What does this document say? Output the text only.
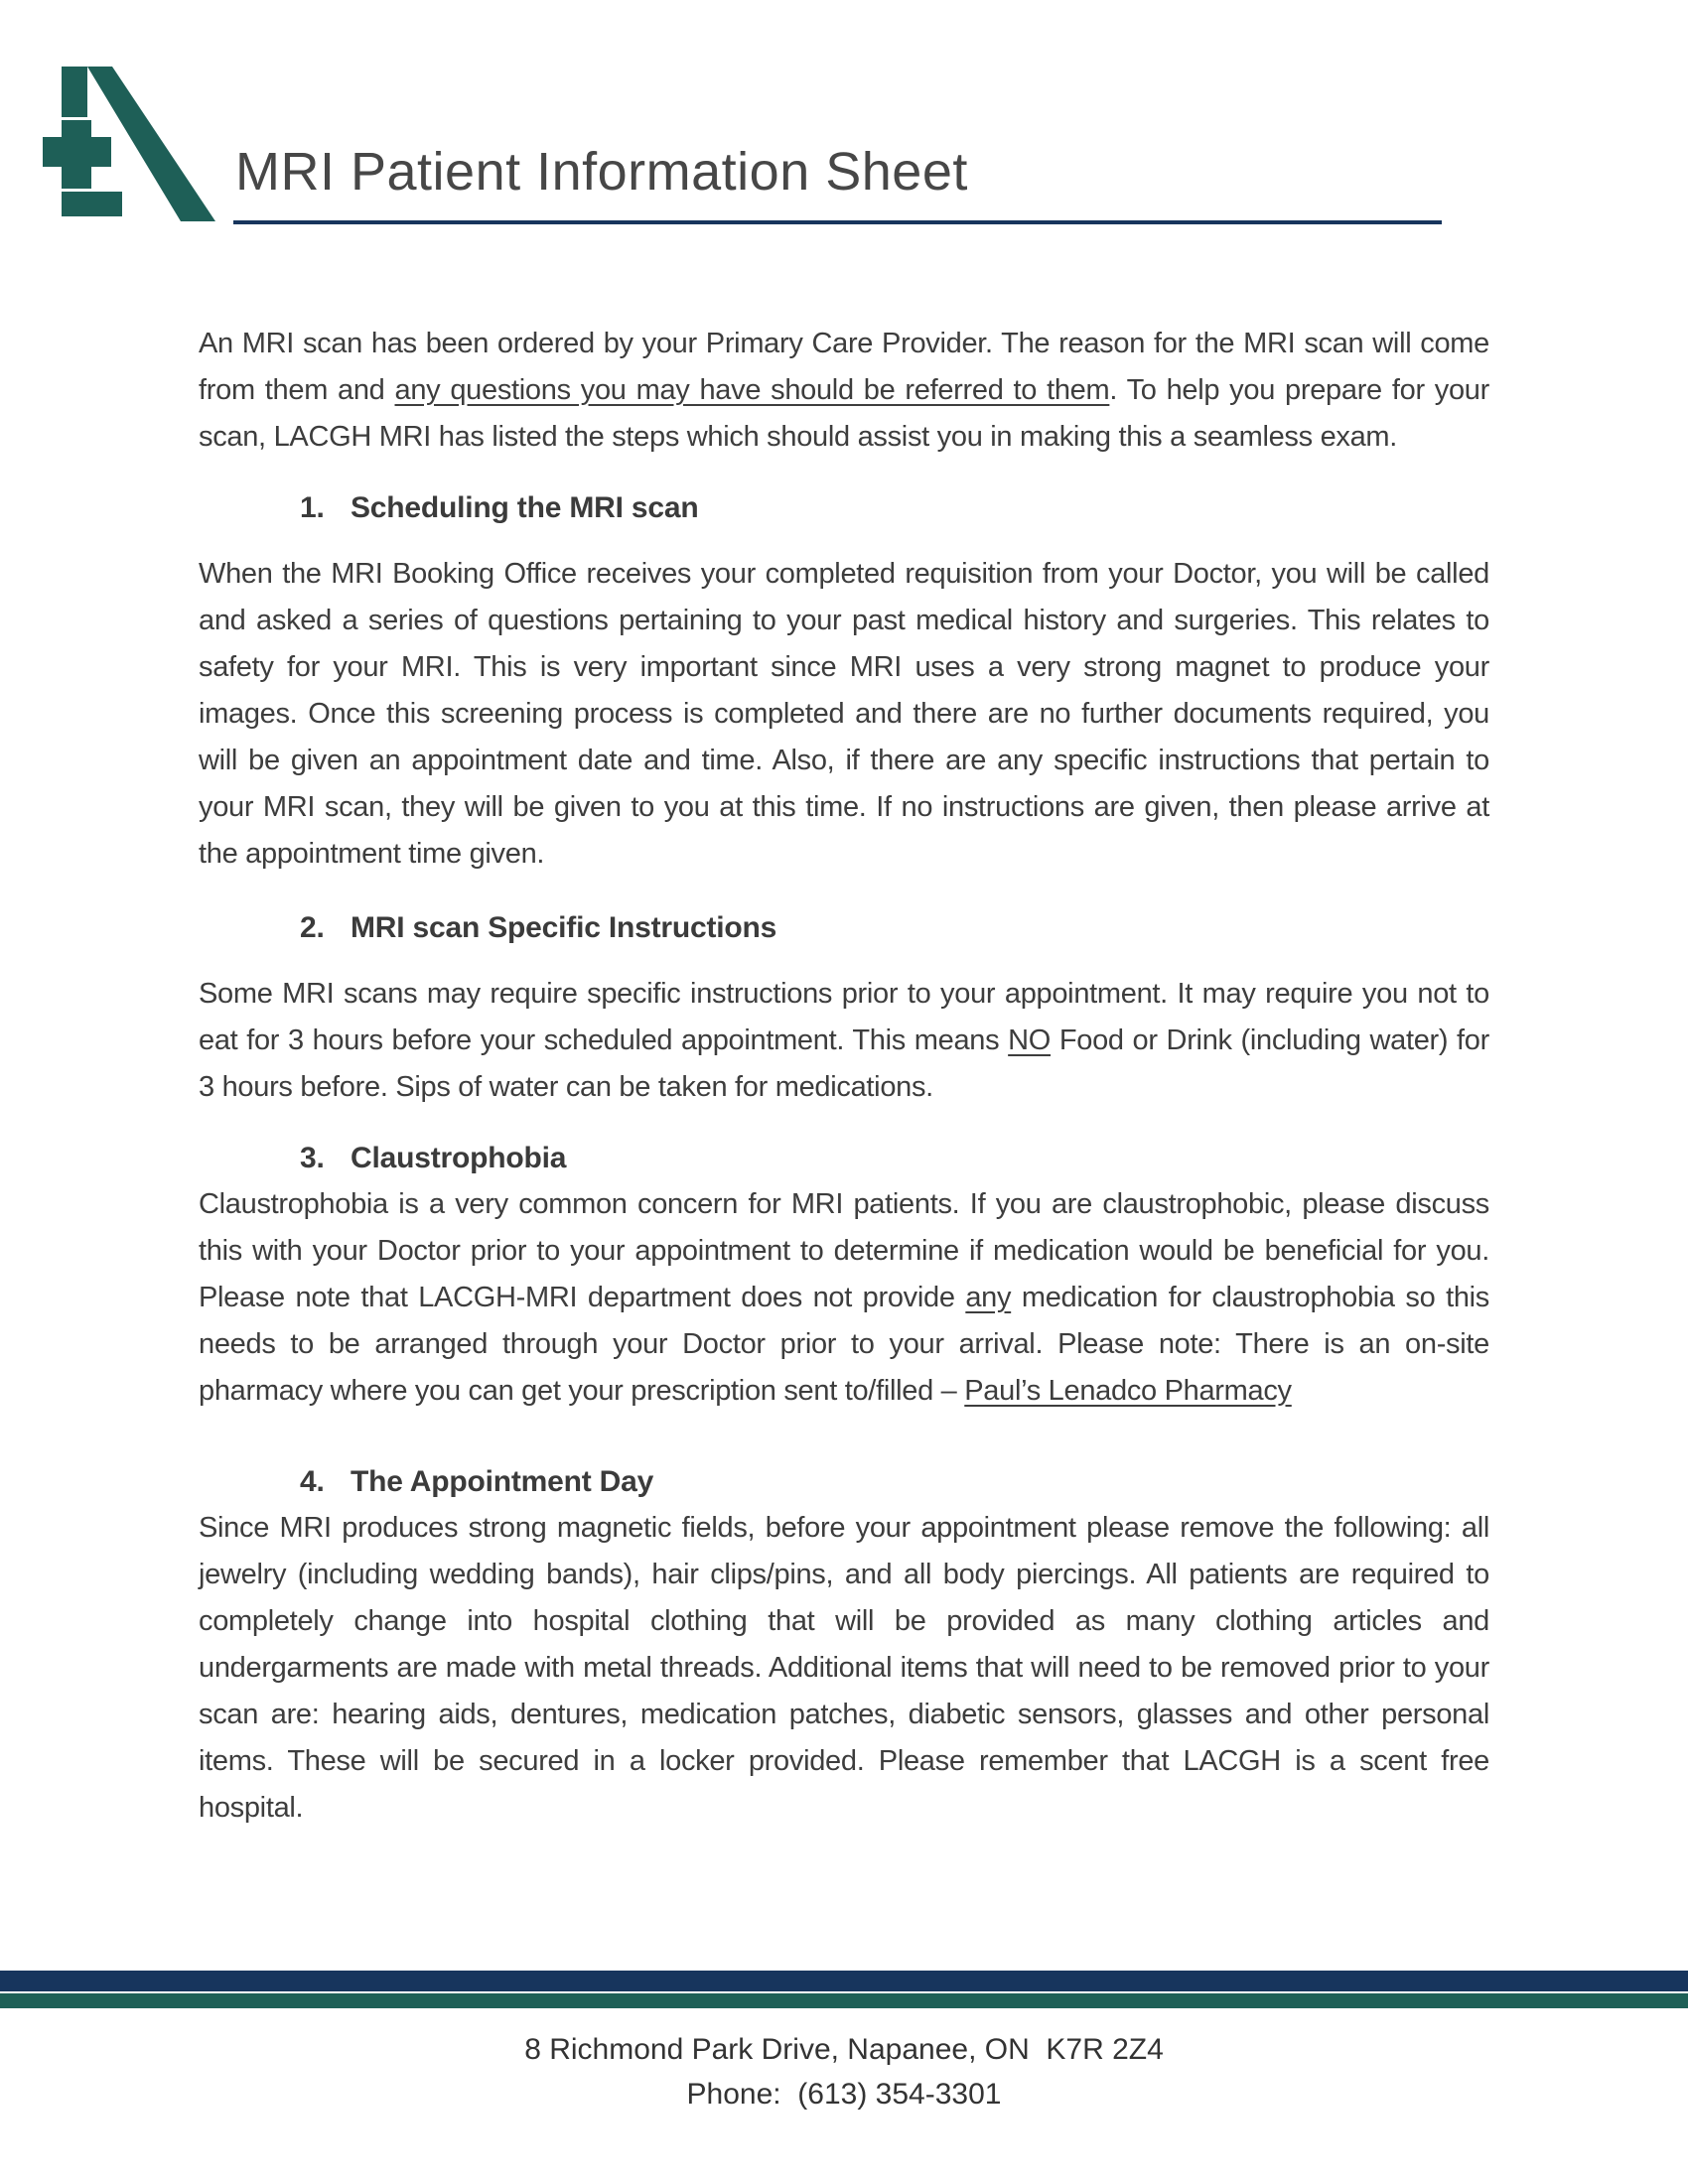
MRI Patient Information Sheet

An MRI scan has been ordered by your Primary Care Provider. The reason for the MRI scan will come from them and any questions you may have should be referred to them. To help you prepare for your scan, LACGH MRI has listed the steps which should assist you in making this a seamless exam.

1. Scheduling the MRI scan

When the MRI Booking Office receives your completed requisition from your Doctor, you will be called and asked a series of questions pertaining to your past medical history and surgeries. This relates to safety for your MRI. This is very important since MRI uses a very strong magnet to produce your images. Once this screening process is completed and there are no further documents required, you will be given an appointment date and time. Also, if there are any specific instructions that pertain to your MRI scan, they will be given to you at this time. If no instructions are given, then please arrive at the appointment time given.

2. MRI scan Specific Instructions

Some MRI scans may require specific instructions prior to your appointment. It may require you not to eat for 3 hours before your scheduled appointment. This means NO Food or Drink (including water) for 3 hours before. Sips of water can be taken for medications.

3. Claustrophobia

Claustrophobia is a very common concern for MRI patients. If you are claustrophobic, please discuss this with your Doctor prior to your appointment to determine if medication would be beneficial for you. Please note that LACGH-MRI department does not provide any medication for claustrophobia so this needs to be arranged through your Doctor prior to your arrival. Please note: There is an on-site pharmacy where you can get your prescription sent to/filled – Paul’s Lenadco Pharmacy

4. The Appointment Day

Since MRI produces strong magnetic fields, before your appointment please remove the following: all jewelry (including wedding bands), hair clips/pins, and all body piercings. All patients are required to completely change into hospital clothing that will be provided as many clothing articles and undergarments are made with metal threads. Additional items that will need to be removed prior to your scan are: hearing aids, dentures, medication patches, diabetic sensors, glasses and other personal items. These will be secured in a locker provided. Please remember that LACGH is a scent free hospital.

8 Richmond Park Drive, Napanee, ON  K7R 2Z4
Phone:  (613) 354-3301
